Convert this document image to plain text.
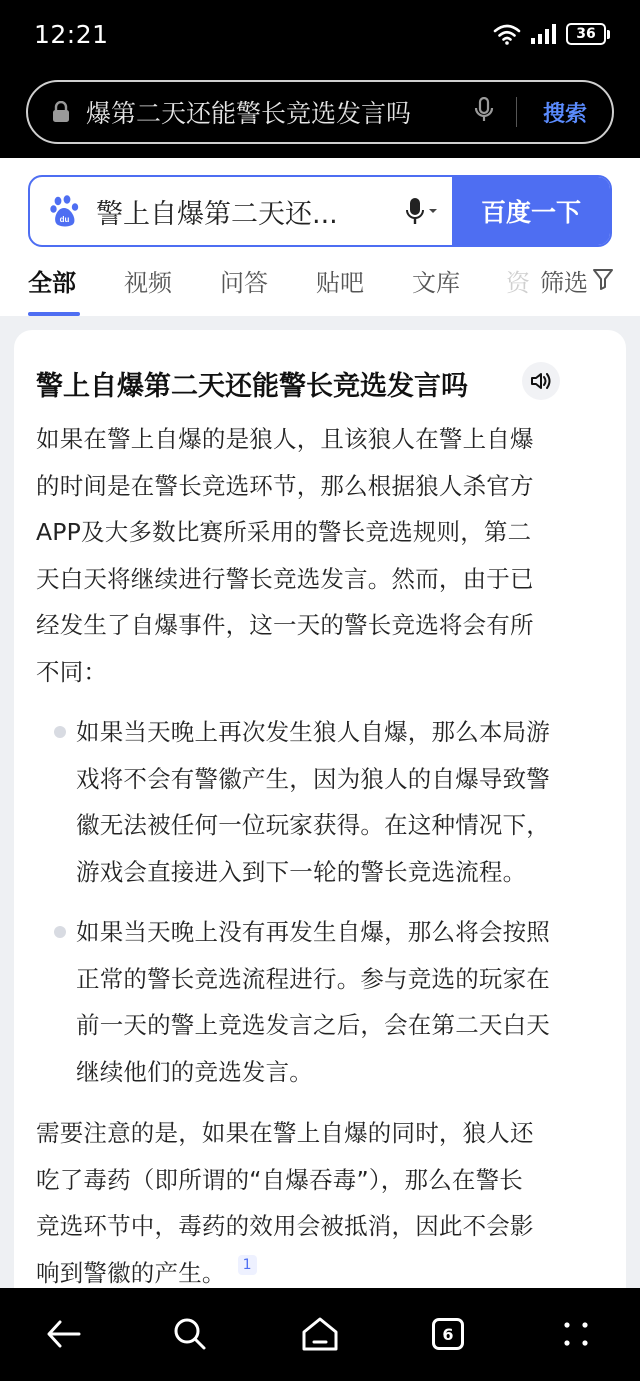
12:21	36
爆第二天还能警长竞选发言吗	搜索
du 警上自爆第二天还...	百度一下
全部 视频 问答 贴吧 文库 资 筛选
警上自爆第二天还能警长竞选发言吗
如果在警上自爆的是狼人，且该狼人在警上自爆
的时间是在警长竞选环节，那么根据狼人杀官方
APP及大多数比赛所采用的警长竞选规则，第二
天白天将继续进行警长竞选发言。然而，由于已
经发生了自爆事件，这一天的警长竞选将会有所
不同：
如果当天晚上再次发生狼人自爆，那么本局游
戏将不会有警徽产生，因为狼人的自爆导致警
徽无法被任何一位玩家获得。在这种情况下，
游戏会直接进入到下一轮的警长竞选流程。
如果当天晚上没有再发生自爆，那么将会按照
正常的警长竞选流程进行。参与竞选的玩家在
前一天的警上竞选发言之后，会在第二天白天
继续他们的竞选发言。
需要注意的是，如果在警上自爆的同时，狼人还
吃了毒药（即所谓的“自爆吞毒”），那么在警长
竞选环节中，毒药的效用会被抵消，因此不会影
响到警徽的产生。 1
6
